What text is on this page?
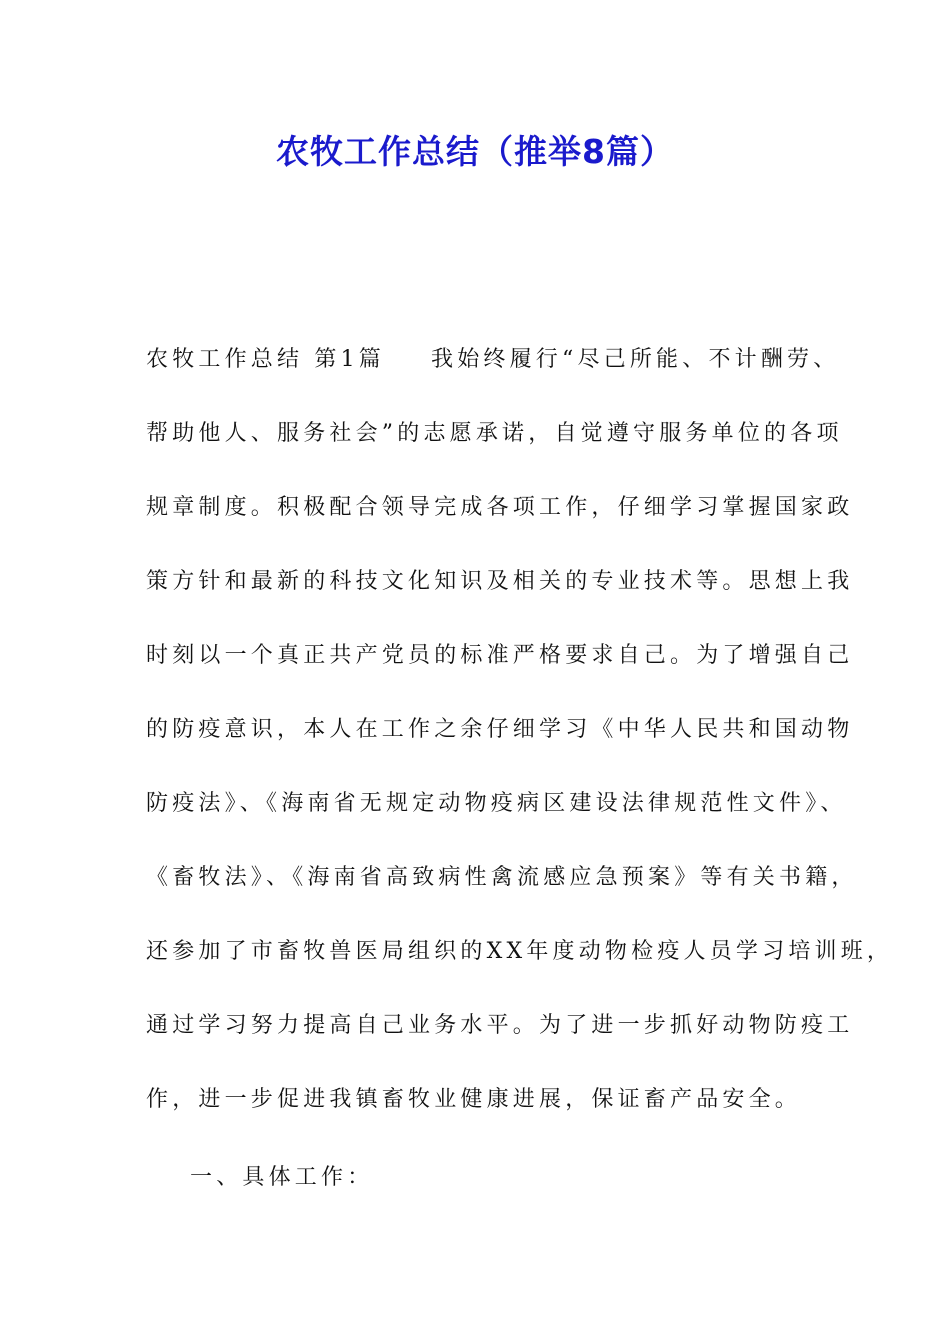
农牧工作总结（推举8篇）
农牧工作总结 第1篇 我始终履行“尽己所能、不计酬劳、
帮助他人、服务社会”的志愿承诺，自觉遵守服务单位的各项
规章制度。积极配合领导完成各项工作，仔细学习掌握国家政
策方针和最新的科技文化知识及相关的专业技术等。思想上我
时刻以一个真正共产党员的标准严格要求自己。为了增强自己
的防疫意识，本人在工作之余仔细学习《中华人民共和国动物
防疫法》、《海南省无规定动物疫病区建设法律规范性文件》、
《畜牧法》、《海南省高致病性禽流感应急预案》等有关书籍，
还参加了市畜牧兽医局组织的XX年度动物检疫人员学习培训班，
通过学习努力提高自己业务水平。为了进一步抓好动物防疫工
作，进一步促进我镇畜牧业健康进展，保证畜产品安全。
一、具体工作：
